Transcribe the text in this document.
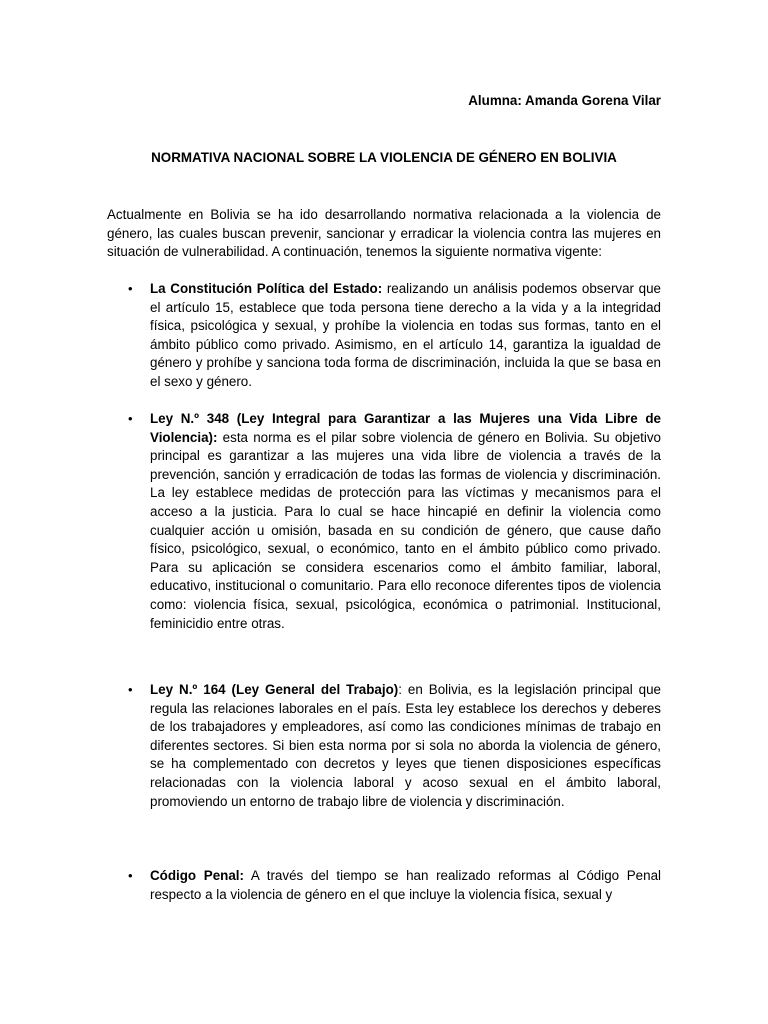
Alumna: Amanda Gorena Vilar
NORMATIVA NACIONAL SOBRE LA VIOLENCIA DE GÉNERO EN BOLIVIA

Actualmente en Bolivia se ha ido desarrollando normativa relacionada a la violencia de género, las cuales buscan prevenir, sancionar y erradicar la violencia contra las mujeres en situación de vulnerabilidad. A continuación, tenemos la siguiente normativa vigente:

• La Constitución Política del Estado: realizando un análisis podemos observar que el artículo 15, establece que toda persona tiene derecho a la vida y a la integridad física, psicológica y sexual, y prohíbe la violencia en todas sus formas, tanto en el ámbito público como privado. Asimismo, en el artículo 14, garantiza la igualdad de género y prohíbe y sanciona toda forma de discriminación, incluida la que se basa en el sexo y género.

• Ley N.º 348 (Ley Integral para Garantizar a las Mujeres una Vida Libre de Violencia): esta norma es el pilar sobre violencia de género en Bolivia. Su objetivo principal es garantizar a las mujeres una vida libre de violencia a través de la prevención, sanción y erradicación de todas las formas de violencia y discriminación. La ley establece medidas de protección para las víctimas y mecanismos para el acceso a la justicia. Para lo cual se hace hincapié en definir la violencia como cualquier acción u omisión, basada en su condición de género, que cause daño físico, psicológico, sexual, o económico, tanto en el ámbito público como privado. Para su aplicación se considera escenarios como el ámbito familiar, laboral, educativo, institucional o comunitario. Para ello reconoce diferentes tipos de violencia como: violencia física, sexual, psicológica, económica o patrimonial. Institucional, feminicidio entre otras.

• Ley N.º 164 (Ley General del Trabajo): en Bolivia, es la legislación principal que regula las relaciones laborales en el país. Esta ley establece los derechos y deberes de los trabajadores y empleadores, así como las condiciones mínimas de trabajo en diferentes sectores. Si bien esta norma por si sola no aborda la violencia de género, se ha complementado con decretos y leyes que tienen disposiciones específicas relacionadas con la violencia laboral y acoso sexual en el ámbito laboral, promoviendo un entorno de trabajo libre de violencia y discriminación.

• Código Penal: A través del tiempo se han realizado reformas al Código Penal respecto a la violencia de género en el que incluye la violencia física, sexual y
